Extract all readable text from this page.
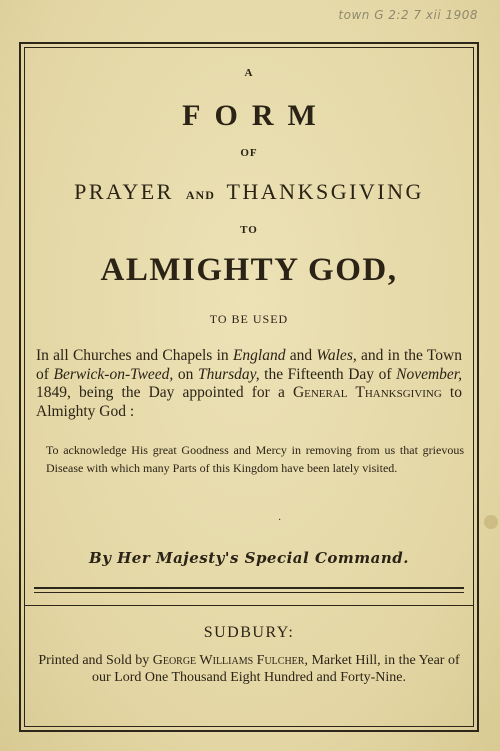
town G 2:2 7 xii 1908
A
FORM
OF
PRAYER AND THANKSGIVING
TO
ALMIGHTY GOD,
TO BE USED
In all Churches and Chapels in England and Wales, and in the Town of Berwick-on-Tweed, on Thursday, the Fifteenth Day of November, 1849, being the Day appointed for a General Thanksgiving to Almighty God :
To acknowledge His great Goodness and Mercy in removing from us that grievous Disease with which many Parts of this Kingdom have been lately visited.
·
By Her Majesty's Special Command.
SUDBURY:
Printed and Sold by George Williams Fulcher, Market Hill, in the Year of our Lord One Thousand Eight Hundred and Forty-Nine.
